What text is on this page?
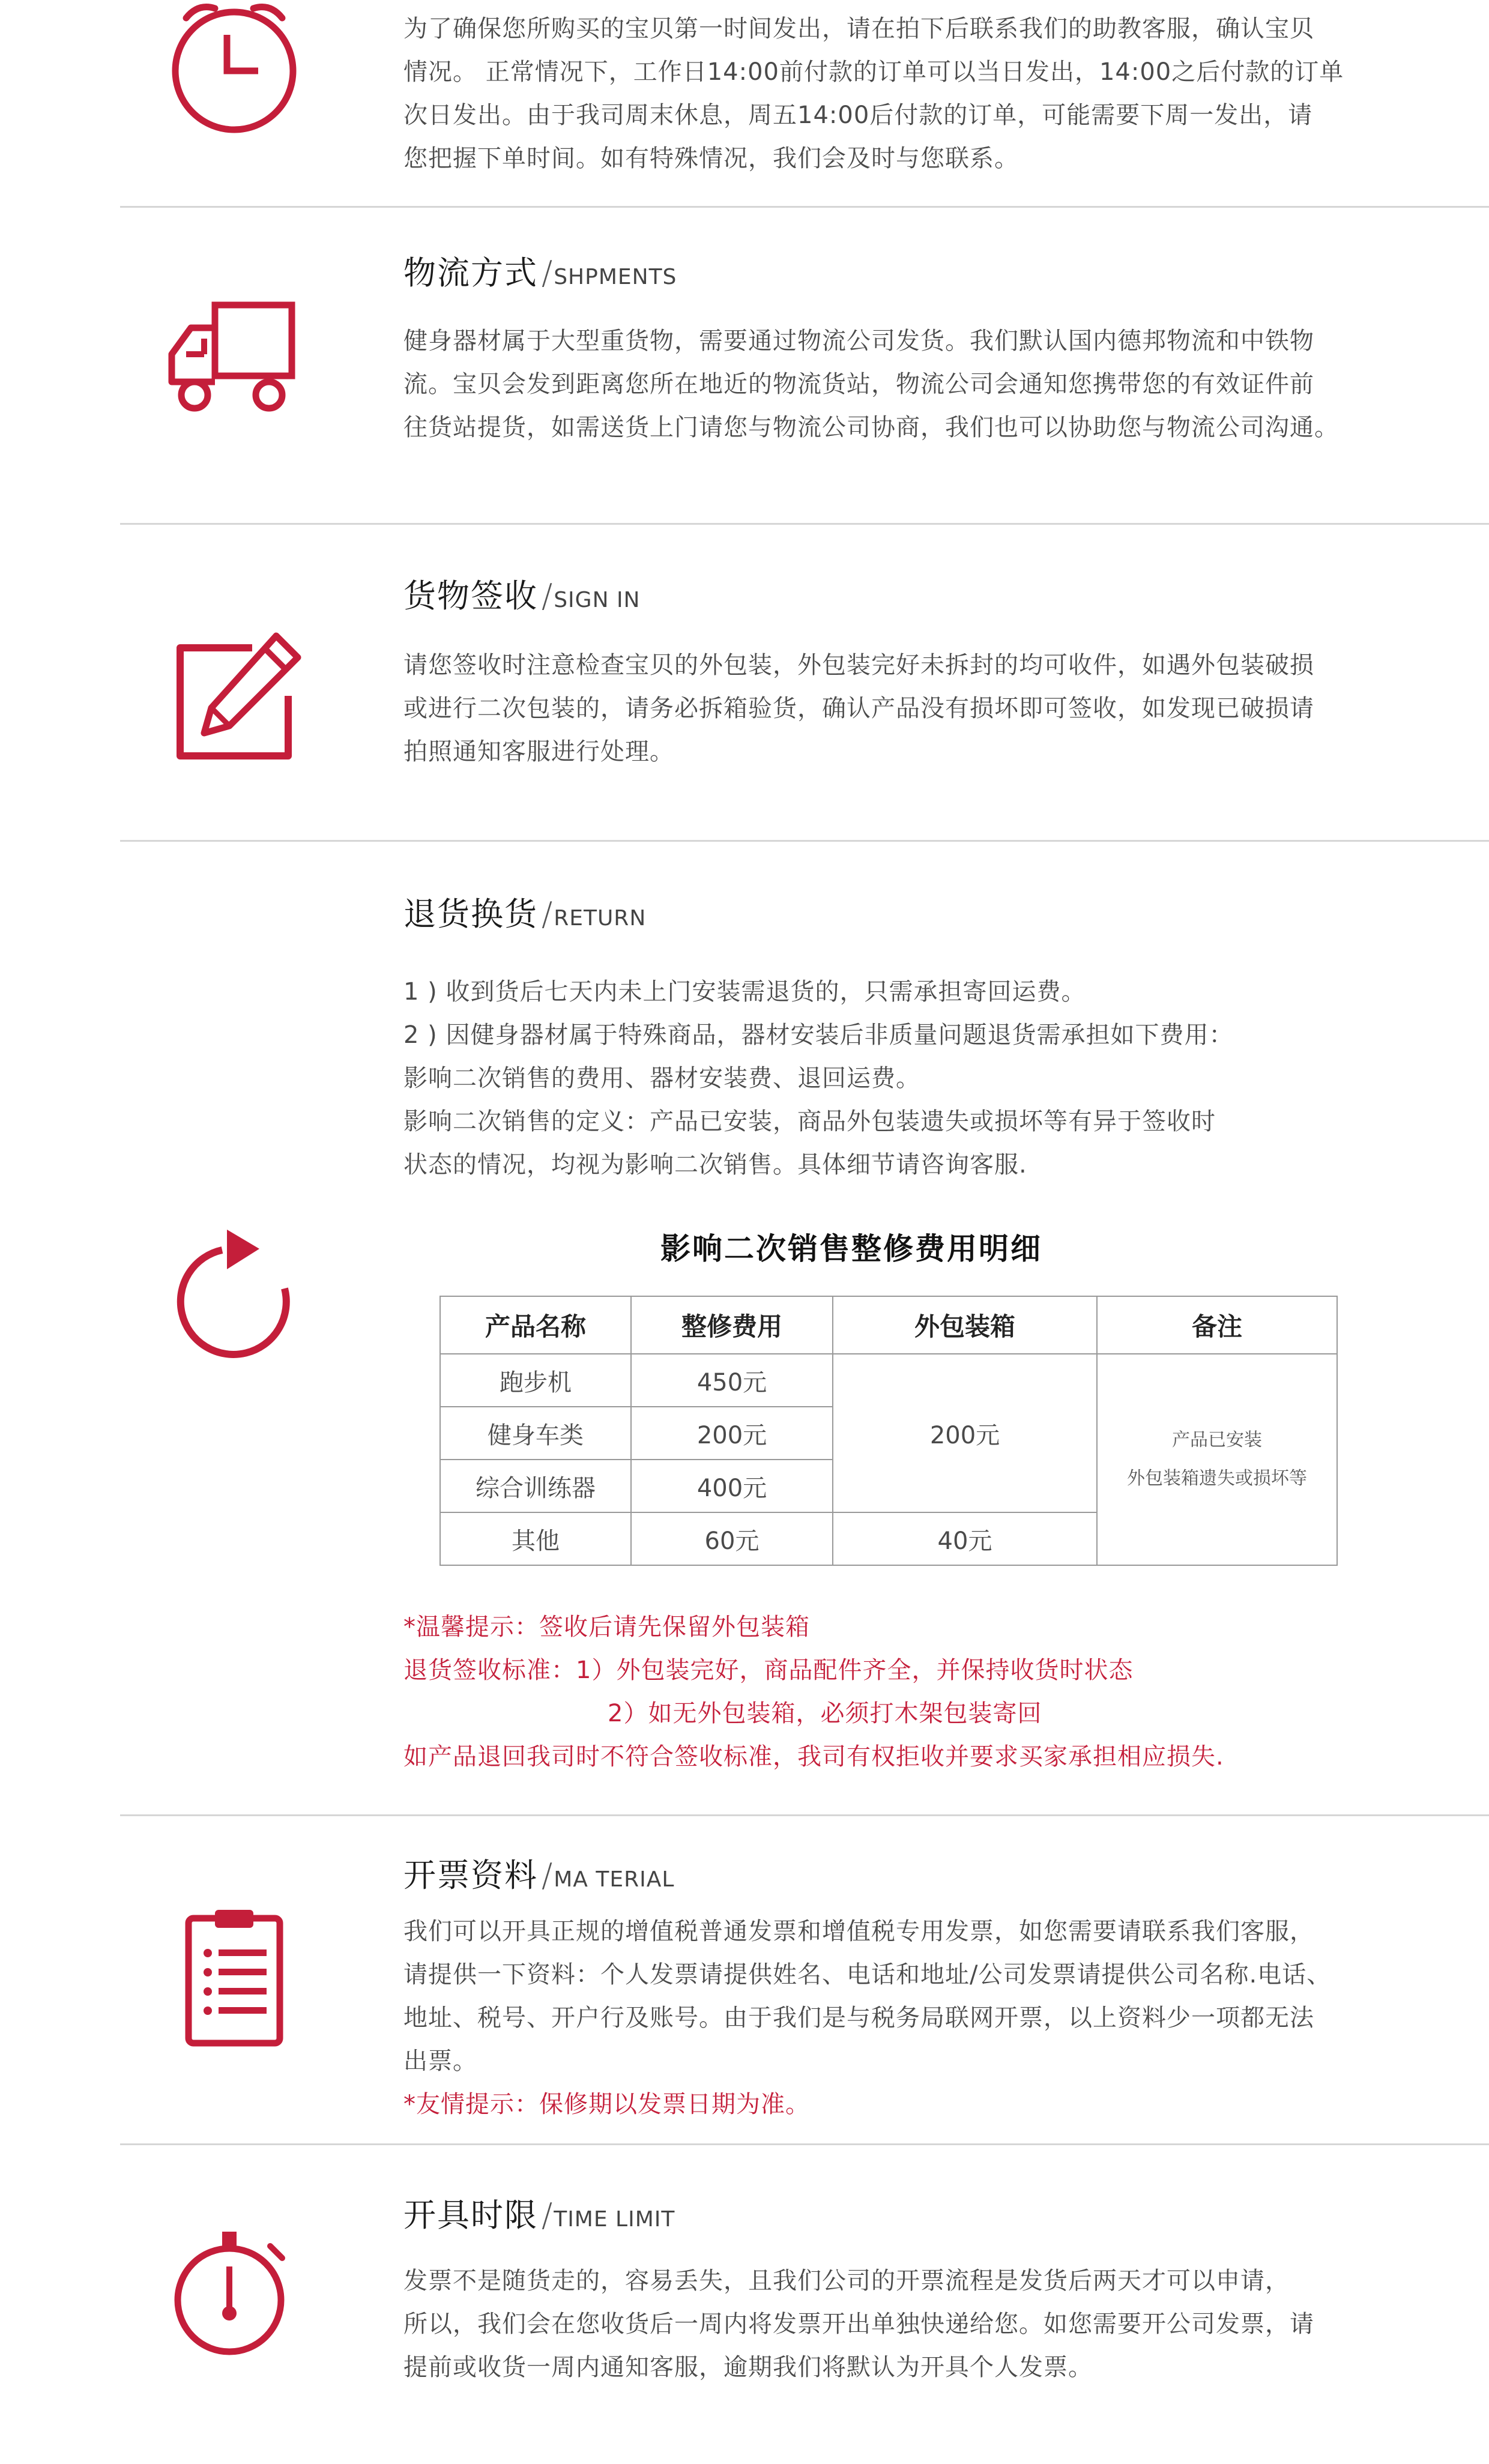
为了确保您所购买的宝贝第一时间发出，请在拍下后联系我们的助教客服，确认宝贝

情况。 正常情况下，工作日14:00前付款的订单可以当日发出，14:00之后付款的订单

次日发出。由于我司周末休息，周五14:00后付款的订单，可能需要下周一发出，请

您把握下单时间。如有特殊情况，我们会及时与您联系。

物流方式 /SHPMENTS

健身器材属于大型重货物，需要通过物流公司发货。我们默认国内德邦物流和中铁物

流。宝贝会发到距离您所在地近的物流货站，物流公司会通知您携带您的有效证件前

往货站提货，如需送货上门请您与物流公司协商，我们也可以协助您与物流公司沟通。

货物签收 /SIGN IN

请您签收时注意检查宝贝的外包装，外包装完好未拆封的均可收件，如遇外包装破损

或进行二次包装的，请务必拆箱验货，确认产品没有损坏即可签收，如发现已破损请

拍照通知客服进行处理。

退货换货 /RETURN

1 ) 收到货后七天内未上门安装需退货的，只需承担寄回运费。

2 ) 因健身器材属于特殊商品，器材安装后非质量问题退货需承担如下费用：

影响二次销售的费用、器材安装费、退回运费。

影响二次销售的定义：产品已安装，商品外包装遗失或损坏等有异于签收时

状态的情况，均视为影响二次销售。具体细节请咨询客服.

*温馨提示：签收后请先保留外包装箱

退货签收标准：1）外包装完好，商品配件齐全，并保持收货时状态

2）如无外包装箱，必须打木架包装寄回

如产品退回我司时不符合签收标准，我司有权拒收并要求买家承担相应损失.

影响二次销售整修费用明细
产品名称	整修费用	外包装箱	备注
跑步机	450元	200元	产品已安装
外包装箱遗失或损坏等

健身车类	200元		
综合训练器	400元		
其他	60元	40元	
开票资料 /MA TERIAL

我们可以开具正规的增值税普通发票和增值税专用发票，如您需要请联系我们客服，

请提供一下资料：个人发票请提供姓名、电话和地址/公司发票请提供公司名称.电话、

地址、税号、开户行及账号。由于我们是与税务局联网开票，以上资料少一项都无法

出票。

*友情提示：保修期以发票日期为准。

开具时限 /TIME LIMIT

发票不是随货走的，容易丢失，且我们公司的开票流程是发货后两天才可以申请，

所以，我们会在您收货后一周内将发票开出单独快递给您。如您需要开公司发票，请

提前或收货一周内通知客服，逾期我们将默认为开具个人发票。
